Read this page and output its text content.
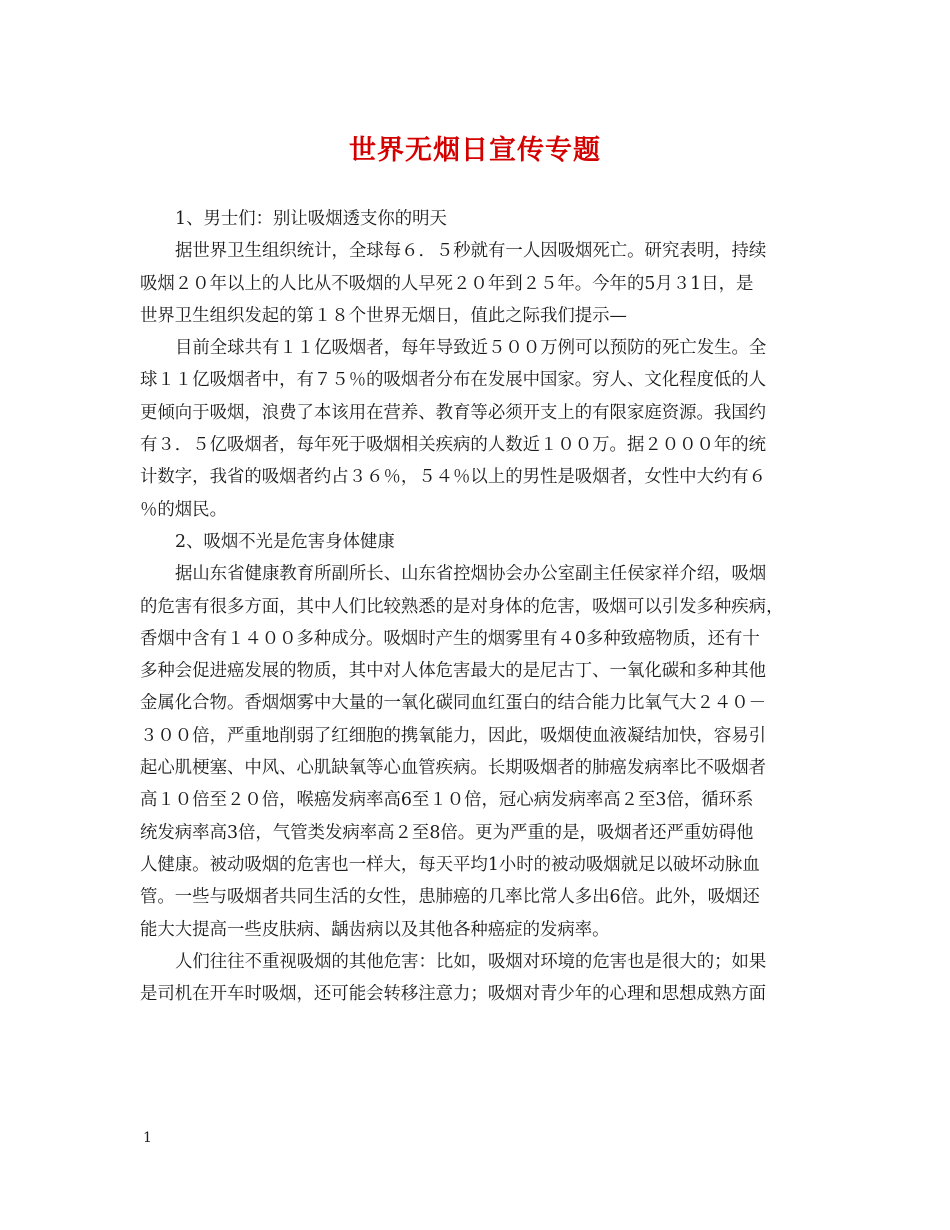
世界无烟日宣传专题
1、男士们：别让吸烟透支你的明天
据世界卫生组织统计，全球每６．５秒就有一人因吸烟死亡。研究表明，持续
吸烟２０年以上的人比从不吸烟的人早死２０年到２５年。今年的5月３1日，是
世界卫生组织发起的第１８个世界无烟日，值此之际我们提示—
目前全球共有１１亿吸烟者，每年导致近５００万例可以预防的死亡发生。全
球１１亿吸烟者中，有７５％的吸烟者分布在发展中国家。穷人、文化程度低的人
更倾向于吸烟，浪费了本该用在营养、教育等必须开支上的有限家庭资源。我国约
有３．５亿吸烟者，每年死于吸烟相关疾病的人数近１００万。据２０００年的统
计数字，我省的吸烟者约占３６％，５４％以上的男性是吸烟者，女性中大约有６
％的烟民。
2、吸烟不光是危害身体健康
据山东省健康教育所副所长、山东省控烟协会办公室副主任侯家祥介绍，吸烟
的危害有很多方面，其中人们比较熟悉的是对身体的危害，吸烟可以引发多种疾病，
香烟中含有１４００多种成分。吸烟时产生的烟雾里有４0多种致癌物质，还有十
多种会促进癌发展的物质，其中对人体危害最大的是尼古丁、一氧化碳和多种其他
金属化合物。香烟烟雾中大量的一氧化碳同血红蛋白的结合能力比氧气大２４０－
３００倍，严重地削弱了红细胞的携氧能力，因此，吸烟使血液凝结加快，容易引
起心肌梗塞、中风、心肌缺氧等心血管疾病。长期吸烟者的肺癌发病率比不吸烟者
高１０倍至２０倍，喉癌发病率高6至１０倍，冠心病发病率高２至3倍，循环系
统发病率高3倍，气管类发病率高２至8倍。更为严重的是，吸烟者还严重妨碍他
人健康。被动吸烟的危害也一样大，每天平均1小时的被动吸烟就足以破坏动脉血
管。一些与吸烟者共同生活的女性，患肺癌的几率比常人多出6倍。此外，吸烟还
能大大提高一些皮肤病、龋齿病以及其他各种癌症的发病率。
人们往往不重视吸烟的其他危害：比如，吸烟对环境的危害也是很大的；如果
是司机在开车时吸烟，还可能会转移注意力；吸烟对青少年的心理和思想成熟方面
1
